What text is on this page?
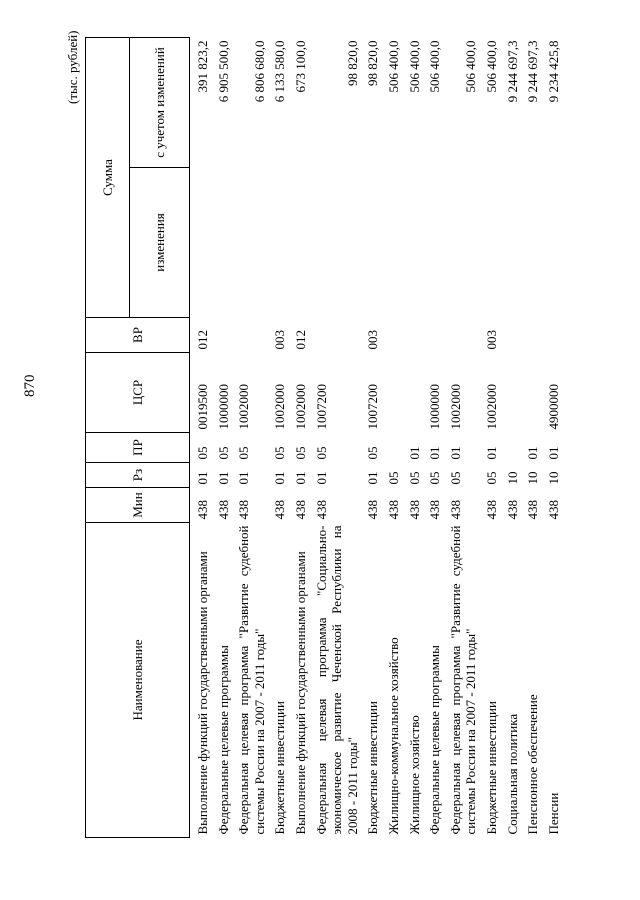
870
(тыс. рублей)
Наименование	Мин	Рз	ПР	ЦСР	ВР	Сумма	
						изменения	с учетом изменений
Выполнение функций государственными органами	438	01	05	0019500	012		391 823,2
Федеральные целевые программы	438	01	05	1000000			6 905 500,0
Федеральная целевая программа "Развитие судебной системы России на 2007 - 2011 годы"	438	01	05	1002000			6 806 680,0
Бюджетные инвестиции	438	01	05	1002000	003		6 133 580,0
Выполнение функций государственными органами	438	01	05	1002000	012		673 100,0
Федеральная целевая программа "Социально-экономическое развитие Чеченской Республики на 2008 - 2011 годы"	438	01	05	1007200			98 820,0
Бюджетные инвестиции	438	01	05	1007200	003		98 820,0
Жилищно-коммунальное хозяйство	438	05					506 400,0
Жилищное хозяйство	438	05	01				506 400,0
Федеральные целевые программы	438	05	01	1000000			506 400,0
Федеральная целевая программа "Развитие судебной системы России на 2007 - 2011 годы"	438	05	01	1002000			506 400,0
Бюджетные инвестиции	438	05	01	1002000	003		506 400,0
Социальная политика	438	10					9 244 697,3
Пенсионное обеспечение	438	10	01				9 244 697,3
Пенсии	438	10	01	4900000			9 234 425,8
